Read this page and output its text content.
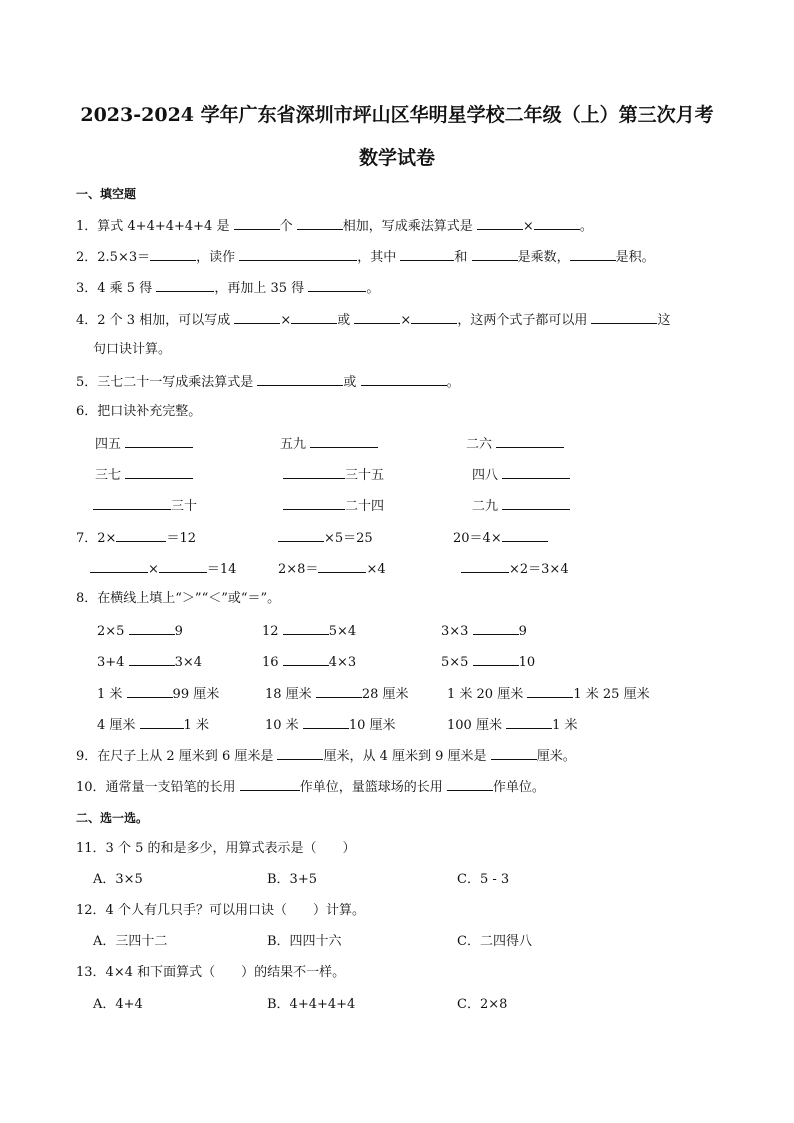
2023-2024 学年广东省深圳市坪山区华明星学校二年级（上）第三次月考
数学试卷
一、填空题
1．算式 4+4+4+4+4 是	个	相加，写成乘法算式是	×	。
2．2.5×3＝	，读作	，其中	和	是乘数，	是积。
3．4 乘 5 得	，再加上 35 得	。
4．2 个 3 相加，可以写成	×	或	×	，这两个式子都可以用	这
句口诀计算。
5．三七二十一写成乘法算式是	或	。
6．把口诀补充完整。
四五	五九	二六
三七	三十五	四八
三十	二十四	二九
7．2×	＝12	×5＝25	20＝4×
×	＝14	2×8＝	×4	×2＝3×4
8．在横线上填上“＞”“＜”或“＝”。
2×5	9	12	5×4	3×3	9
3+4	3×4	16	4×3	5×5	10
1 米	99 厘米	18 厘米	28 厘米	1 米 20 厘米	1 米 25 厘米
4 厘米	1 米	10 米	10 厘米	100 厘米	1 米
9．在尺子上从 2 厘米到 6 厘米是	厘米，从 4 厘米到 9 厘米是	厘米。
10．通常量一支铅笔的长用	作单位，量篮球场的长用	作单位。
二、选一选。
11．3 个 5 的和是多少，用算式表示是（　　）
A．3×5	B．3+5	C．5 - 3
12．4 个人有几只手？可以用口诀（　　）计算。
A．三四十二	B．四四十六	C．二四得八
13．4×4 和下面算式（　　）的结果不一样。
A．4+4	B．4+4+4+4	C．2×8
